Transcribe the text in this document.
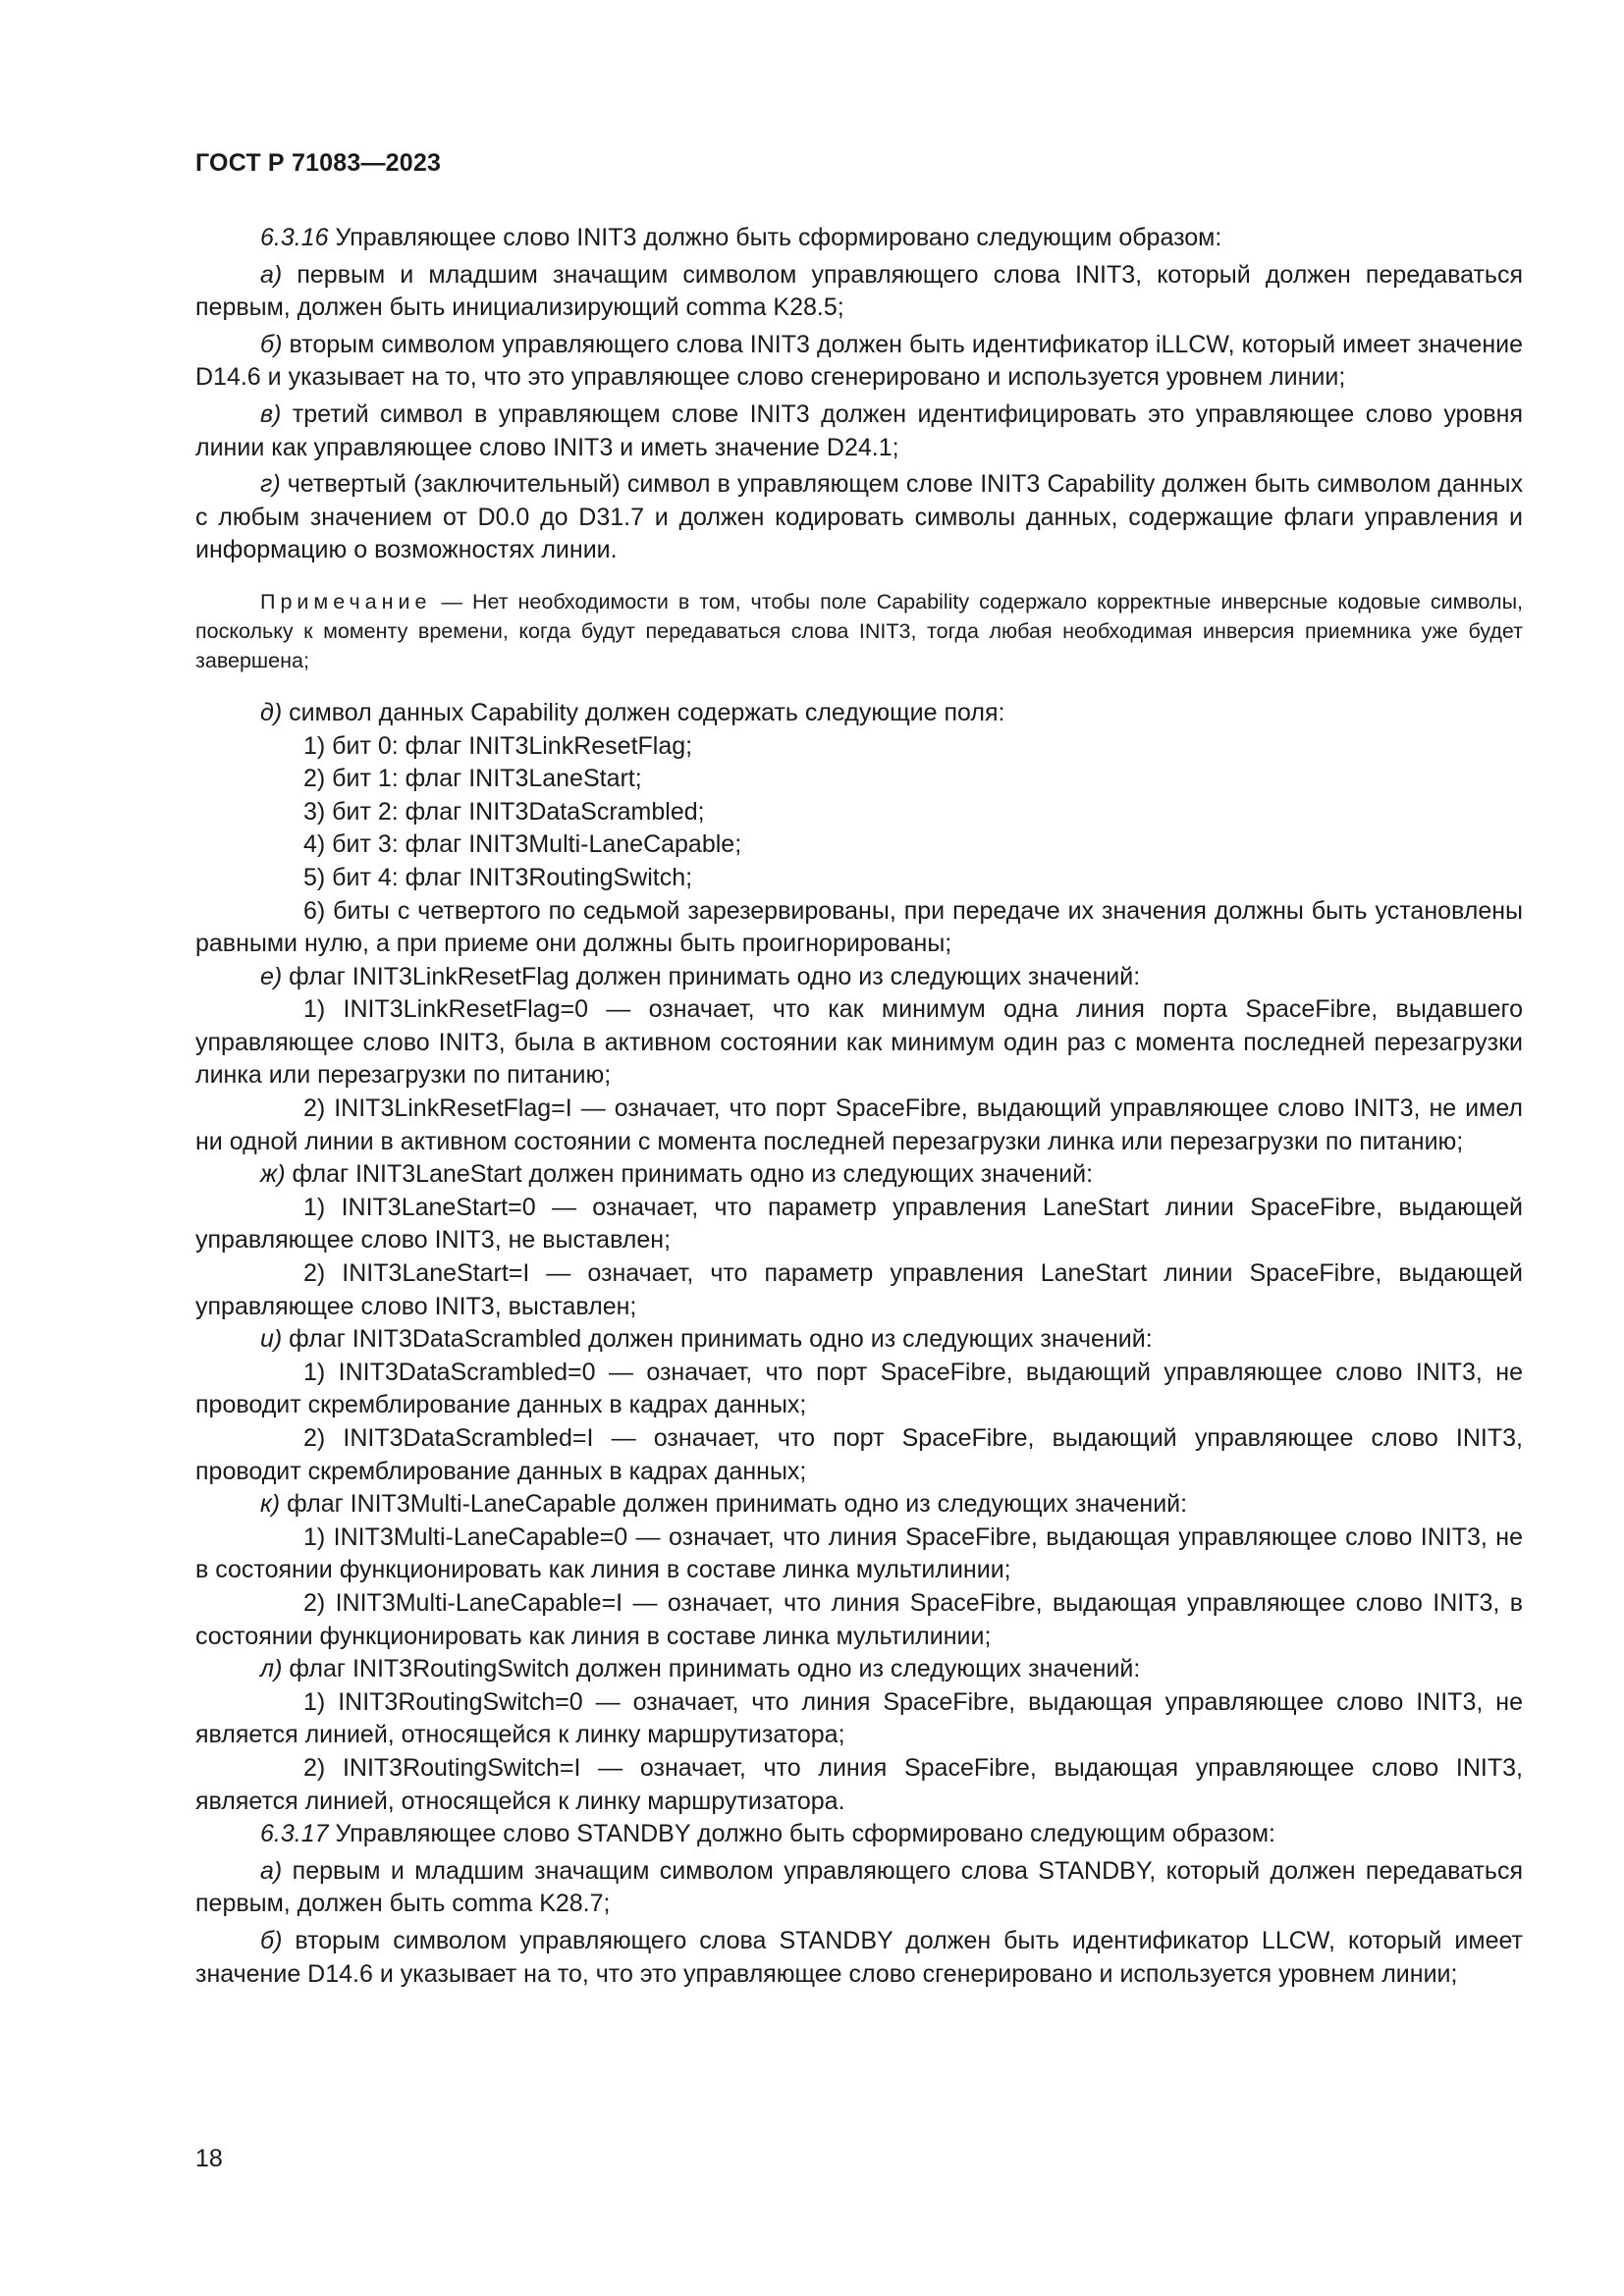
ГОСТ Р 71083—2023

6.3.16 Управляющее слово INIT3 должно быть сформировано следующим образом:

а) первым и младшим значащим символом управляющего слова INIT3, который должен передаваться первым, должен быть инициализирующий comma K28.5;

б) вторым символом управляющего слова INIT3 должен быть идентификатор iLLCW, который имеет значение D14.6 и указывает на то, что это управляющее слово сгенерировано и используется уровнем линии;

в) третий символ в управляющем слове INIT3 должен идентифицировать это управляющее слово уровня линии как управляющее слово INIT3 и иметь значение D24.1;

г) четвертый (заключительный) символ в управляющем слове INIT3 Capability должен быть символом данных с любым значением от D0.0 до D31.7 и должен кодировать символы данных, содержащие флаги управления и информацию о возможностях линии.

Примечание — Нет необходимости в том, чтобы поле Capability содержало корректные инверсные кодовые символы, поскольку к моменту времени, когда будут передаваться слова INIT3, тогда любая необходимая инверсия приемника уже будет завершена;

д) символ данных Capability должен содержать следующие поля:

1) бит 0: флаг INIT3LinkResetFlag;

2) бит 1: флаг INIT3LaneStart;

3) бит 2: флаг INIT3DataScrambled;

4) бит 3: флаг INIT3Multi-LaneCapable;

5) бит 4: флаг INIT3RoutingSwitch;

6) биты с четвертого по седьмой зарезервированы, при передаче их значения должны быть установлены равными нулю, а при приеме они должны быть проигнорированы;

е) флаг INIT3LinkResetFlag должен принимать одно из следующих значений:

1) INIT3LinkResetFlag=0 — означает, что как минимум одна линия порта SpaceFibre, выдавшего управляющее слово INIT3, была в активном состоянии как минимум один раз с момента последней перезагрузки линка или перезагрузки по питанию;

2) INIT3LinkResetFlag=I — означает, что порт SpaceFibre, выдающий управляющее слово INIT3, не имел ни одной линии в активном состоянии с момента последней перезагрузки линка или перезагрузки по питанию;

ж) флаг INIT3LaneStart должен принимать одно из следующих значений:

1) INIT3LaneStart=0 — означает, что параметр управления LaneStart линии SpaceFibre, выдающей управляющее слово INIT3, не выставлен;

2) INIT3LaneStart=I — означает, что параметр управления LaneStart линии SpaceFibre, выдающей управляющее слово INIT3, выставлен;

и) флаг INIT3DataScrambled должен принимать одно из следующих значений:

1) INIT3DataScrambled=0 — означает, что порт SpaceFibre, выдающий управляющее слово INIT3, не проводит скремблирование данных в кадрах данных;

2) INIT3DataScrambled=I — означает, что порт SpaceFibre, выдающий управляющее слово INIT3, проводит скремблирование данных в кадрах данных;

к) флаг INIT3Multi-LaneCapable должен принимать одно из следующих значений:

1) INIT3Multi-LaneCapable=0 — означает, что линия SpaceFibre, выдающая управляющее слово INIT3, не в состоянии функционировать как линия в составе линка мультилинии;

2) INIT3Multi-LaneCapable=I — означает, что линия SpaceFibre, выдающая управляющее слово INIT3, в состоянии функционировать как линия в составе линка мультилинии;

л) флаг INIT3RoutingSwitch должен принимать одно из следующих значений:

1) INIT3RoutingSwitch=0 — означает, что линия SpaceFibre, выдающая управляющее слово INIT3, не является линией, относящейся к линку маршрутизатора;

2) INIT3RoutingSwitch=I — означает, что линия SpaceFibre, выдающая управляющее слово INIT3, является линией, относящейся к линку маршрутизатора.

6.3.17 Управляющее слово STANDBY должно быть сформировано следующим образом:

а) первым и младшим значащим символом управляющего слова STANDBY, который должен передаваться первым, должен быть comma K28.7;

б) вторым символом управляющего слова STANDBY должен быть идентификатор LLCW, который имеет значение D14.6 и указывает на то, что это управляющее слово сгенерировано и используется уровнем линии;

18
